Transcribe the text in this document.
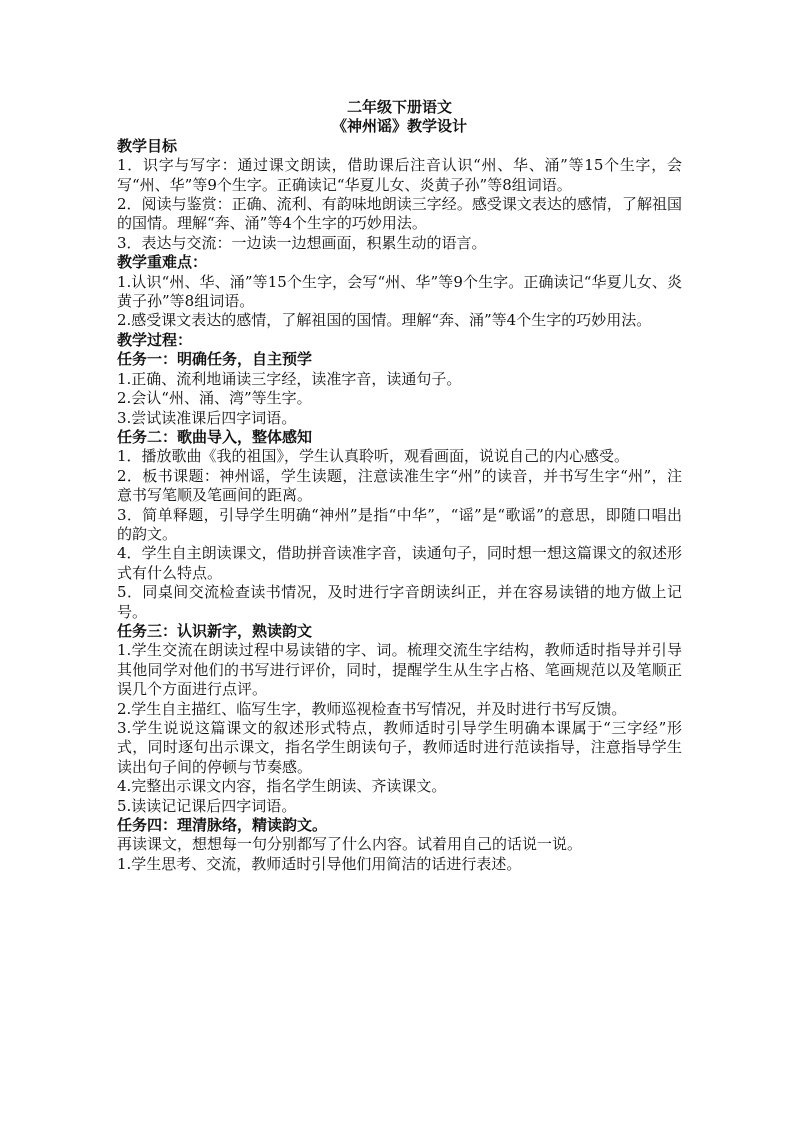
二年级下册语文

《神州谣》教学设计

教学目标

1．识字与写字：通过课文朗读，借助课后注音认识“州、华、涌”等15个生字，会写“州、华”等9个生字。正确读记“华夏儿女、炎黄子孙”等8组词语。

2．阅读与鉴赏：正确、流利、有韵味地朗读三字经。感受课文表达的感情，了解祖国的国情。理解“奔、涌”等4个生字的巧妙用法。

3．表达与交流：一边读一边想画面，积累生动的语言。

教学重难点：

1.认识“州、华、涌”等15个生字，会写“州、华”等9个生字。正确读记“华夏儿女、炎黄子孙”等8组词语。

2.感受课文表达的感情，了解祖国的国情。理解“奔、涌”等4个生字的巧妙用法。

教学过程：

任务一：明确任务，自主预学

1.正确、流利地诵读三字经，读准字音，读通句子。

2.会认“州、涌、湾”等生字。

3.尝试读准课后四字词语。

任务二：歌曲导入，整体感知

1．播放歌曲《我的祖国》，学生认真聆听，观看画面，说说自己的内心感受。

2．板书课题：神州谣，学生读题，注意读准生字“州”的读音，并书写生字“州”，注意书写笔顺及笔画间的距离。

3．简单释题，引导学生明确“神州”是指“中华”，“谣”是“歌谣”的意思，即随口唱出的韵文。

4．学生自主朗读课文，借助拼音读准字音，读通句子，同时想一想这篇课文的叙述形式有什么特点。

5．同桌间交流检查读书情况，及时进行字音朗读纠正，并在容易读错的地方做上记号。

任务三：认识新字，熟读韵文

1.学生交流在朗读过程中易读错的字、词。梳理交流生字结构，教师适时指导并引导其他同学对他们的书写进行评价，同时，提醒学生从生字占格、笔画规范以及笔顺正误几个方面进行点评。

2.学生自主描红、临写生字，教师巡视检查书写情况，并及时进行书写反馈。

3.学生说说这篇课文的叙述形式特点，教师适时引导学生明确本课属于“三字经”形式，同时逐句出示课文，指名学生朗读句子，教师适时进行范读指导，注意指导学生读出句子间的停顿与节奏感。

4.完整出示课文内容，指名学生朗读、齐读课文。

5.读读记记课后四字词语。

任务四：理清脉络，精读韵文。

再读课文，想想每一句分别都写了什么内容。试着用自己的话说一说。

1.学生思考、交流，教师适时引导他们用简洁的话进行表述。
